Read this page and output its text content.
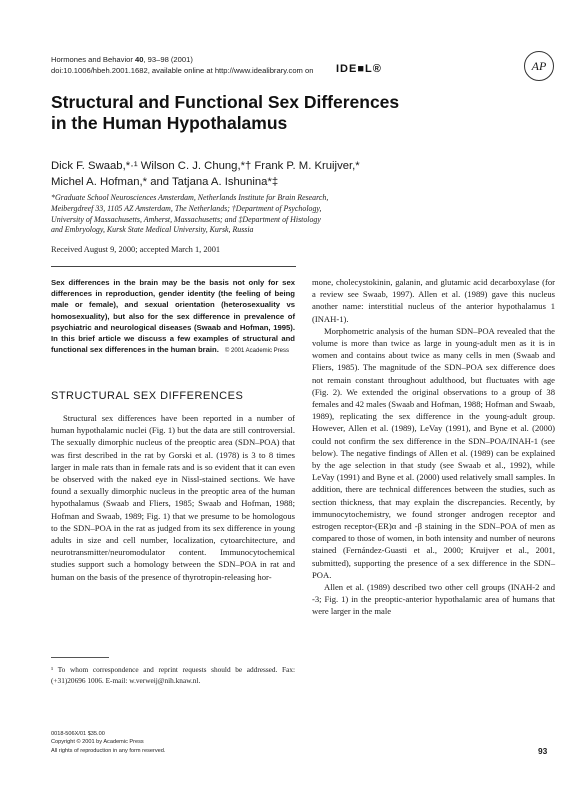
Hormones and Behavior 40, 93–98 (2001)
doi:10.1006/hbeh.2001.1682, available online at http://www.idealibrary.com on IDE■L®	AP
Structural and Functional Sex Differences
in the Human Hypothalamus
Dick F. Swaab,*·¹ Wilson C. J. Chung,*† Frank P. M. Kruijver,*
Michel A. Hofman,* and Tatjana A. Ishunina*‡
*Graduate School Neurosciences Amsterdam, Netherlands Institute for Brain Research,
Meibergdreef 33, 1105 AZ Amsterdam, The Netherlands; †Department of Psychology,
University of Massachusetts, Amherst, Massachusetts; and ‡Department of Histology
and Embryology, Kursk State Medical University, Kursk, Russia
Received August 9, 2000; accepted March 1, 2001

Sex differences in the brain may be the basis not only for sex differences in reproduction, gender identity (the feeling of being male or female), and sexual orientation (heterosexuality vs homosexuality), but also for the sex difference in prevalence of psychiatric and neurological diseases (Swaab and Hofman, 1995). In this brief article we discuss a few examples of structural and functional sex differences in the human brain. © 2001 Academic Press

STRUCTURAL SEX DIFFERENCES

Structural sex differences have been reported in a number of human hypothalamic nuclei (Fig. 1) but the data are still controversial. The sexually dimorphic nucleus of the preoptic area (SDN–POA) that was first described in the rat by Gorski et al. (1978) is 3 to 8 times larger in male rats than in female rats and is so evident that it can even be observed with the naked eye in Nissl-stained sections. We have found a sexually dimorphic nucleus in the preoptic area of the human hypothalamus (Swaab and Fliers, 1985; Swaab and Hofman, 1988; Hofman and Swaab, 1989; Fig. 1) that we presume to be homologous to the SDN–POA in the rat as judged from its sex difference in young adults in size and cell number, localization, cytoarchitecture, and neurotransmitter/neuromodulator content. Immunocytochemical studies support such a homology between the SDN–POA in rat and human on the basis of the presence of thyrotropin-releasing hor-

mone, cholecystokinin, galanin, and glutamic acid decarboxylase (for a review see Swaab, 1997). Allen et al. (1989) gave this nucleus another name: interstitial nucleus of the anterior hypothalamus 1 (INAH-1).

Morphometric analysis of the human SDN–POA revealed that the volume is more than twice as large in young-adult men as it is in women and contains about twice as many cells in men (Swaab and Fliers, 1985). The magnitude of the SDN–POA sex difference does not remain constant throughout adulthood, but fluctuates with age (Fig. 2). We extended the original observations to a group of 38 females and 42 males (Swaab and Hofman, 1988; Hofman and Swaab, 1989), replicating the sex difference in the young-adult group. However, Allen et al. (1989), LeVay (1991), and Byne et al. (2000) could not confirm the sex difference in the SDN–POA/INAH-1 (see below). The negative findings of Allen et al. (1989) can be explained by the age selection in that study (see Swaab et al., 1992), while LeVay (1991) and Byne et al. (2000) used relatively small samples. In addition, there are technical differences between the studies, such as section thickness, that may explain the discrepancies. Recently, by immunocytochemistry, we found stronger androgen receptor and estrogen receptor-(ER)α and -β staining in the SDN–POA of men as compared to those of women, in both intensity and number of neurons stained (Fernández-Guasti et al., 2000; Kruijver et al., 2001, submitted), supporting the presence of a sex difference in the SDN–POA.

Allen et al. (1989) described two other cell groups (INAH-2 and -3; Fig. 1) in the preoptic-anterior hypothalamic area of humans that were larger in the male

¹ To whom correspondence and reprint requests should be addressed. Fax: (+31)20696 1006. E-mail: w.verweij@nih.knaw.nl.

0018-506X/01 $35.00
Copyright © 2001 by Academic Press
All rights of reproduction in any form reserved.	93
